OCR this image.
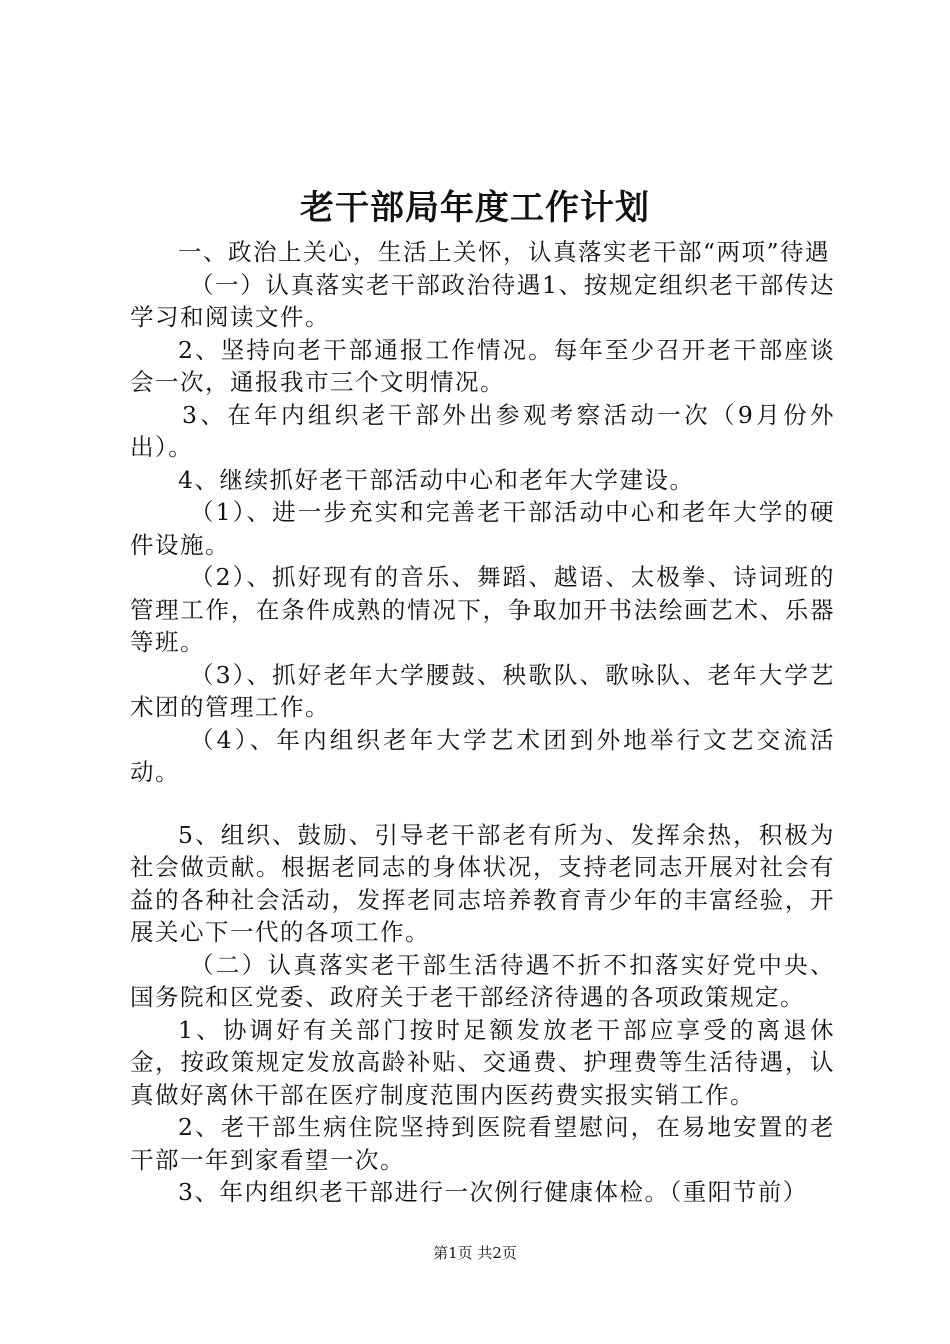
老干部局年度工作计划

一、政治上关心，生活上关怀，认真落实老干部“两项”待遇

（一）认真落实老干部政治待遇1、按规定组织老干部传达学习和阅读文件。

2、坚持向老干部通报工作情况。每年至少召开老干部座谈会一次，通报我市三个文明情况。

3、在年内组织老干部外出参观考察活动一次（9月份外出）。

4、继续抓好老干部活动中心和老年大学建设。

（1）、进一步充实和完善老干部活动中心和老年大学的硬件设施。

（2）、抓好现有的音乐、舞蹈、越语、太极拳、诗词班的管理工作，在条件成熟的情况下，争取加开书法绘画艺术、乐器等班。

（3）、抓好老年大学腰鼓、秧歌队、歌咏队、老年大学艺术团的管理工作。

（4）、年内组织老年大学艺术团到外地举行文艺交流活动。

5、组织、鼓励、引导老干部老有所为、发挥余热，积极为社会做贡献。根据老同志的身体状况，支持老同志开展对社会有益的各种社会活动，发挥老同志培养教育青少年的丰富经验，开展关心下一代的各项工作。

（二）认真落实老干部生活待遇不折不扣落实好党中央、国务院和区党委、政府关于老干部经济待遇的各项政策规定。

1、协调好有关部门按时足额发放老干部应享受的离退休金，按政策规定发放高龄补贴、交通费、护理费等生活待遇，认真做好离休干部在医疗制度范围内医药费实报实销工作。

2、老干部生病住院坚持到医院看望慰问，在易地安置的老干部一年到家看望一次。

3、年内组织老干部进行一次例行健康体检。（重阳节前）

第1页 共2页
